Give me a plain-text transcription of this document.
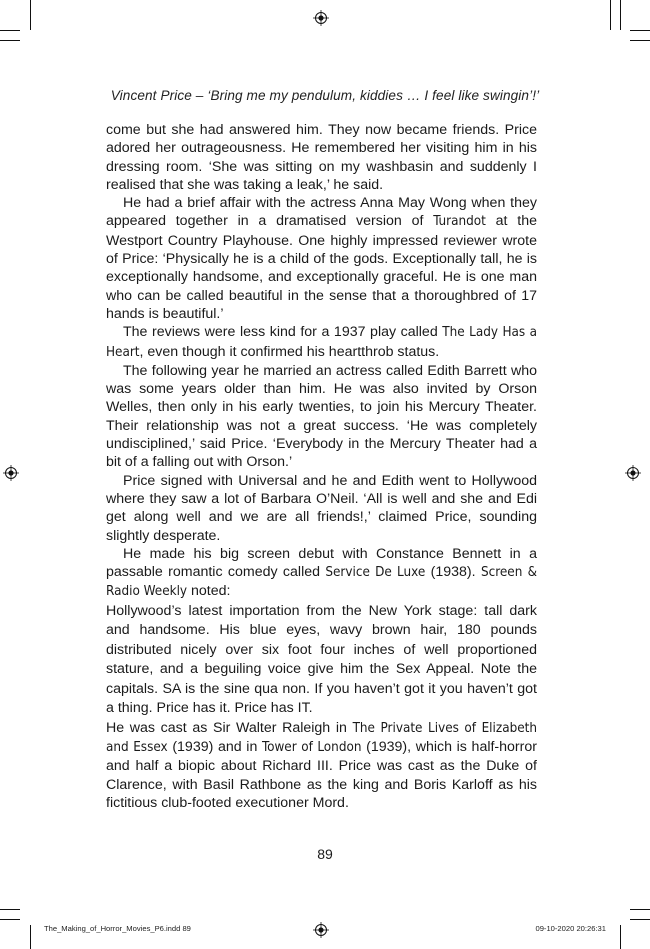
Vincent Price – ‘Bring me my pendulum, kiddies … I feel like swingin’!’

come but she had answered him. They now became friends. Price adored her outrageousness. He remembered her visiting him in his dressing room. ‘She was sitting on my washbasin and suddenly I realised that she was taking a leak,’ he said.

He had a brief affair with the actress Anna May Wong when they appeared together in a dramatised version of Turandot at the Westport Country Playhouse. One highly impressed reviewer wrote of Price: ‘Physically he is a child of the gods. Exceptionally tall, he is exceptionally handsome, and exceptionally graceful. He is one man who can be called beautiful in the sense that a thoroughbred of 17 hands is beautiful.’

The reviews were less kind for a 1937 play called The Lady Has a Heart, even though it confirmed his heartthrob status.

The following year he married an actress called Edith Barrett who was some years older than him. He was also invited by Orson Welles, then only in his early twenties, to join his Mercury Theater. Their relationship was not a great success. ‘He was completely undisciplined,’ said Price. ‘Everybody in the Mercury Theater had a bit of a falling out with Orson.’

Price signed with Universal and he and Edith went to Hollywood where they saw a lot of Barbara O’Neil. ‘All is well and she and Edi get along well and we are all friends!,’ claimed Price, sounding slightly desperate.

He made his big screen debut with Constance Bennett in a passable romantic comedy called Service De Luxe (1938). Screen & Radio Weekly noted:

Hollywood’s latest importation from the New York stage: tall dark and handsome. His blue eyes, wavy brown hair, 180 pounds distributed nicely over six foot four inches of well proportioned stature, and a beguiling voice give him the Sex Appeal. Note the capitals. SA is the sine qua non. If you haven’t got it you haven’t got a thing. Price has it. Price has IT.

He was cast as Sir Walter Raleigh in The Private Lives of Elizabeth and Essex (1939) and in Tower of London (1939), which is half-horror and half a biopic about Richard III. Price was cast as the Duke of Clarence, with Basil Rathbone as the king and Boris Karloff as his fictitious club-footed executioner Mord.

89
The_Making_of_Horror_Movies_P6.indd 89	09-10-2020 20:26:31
